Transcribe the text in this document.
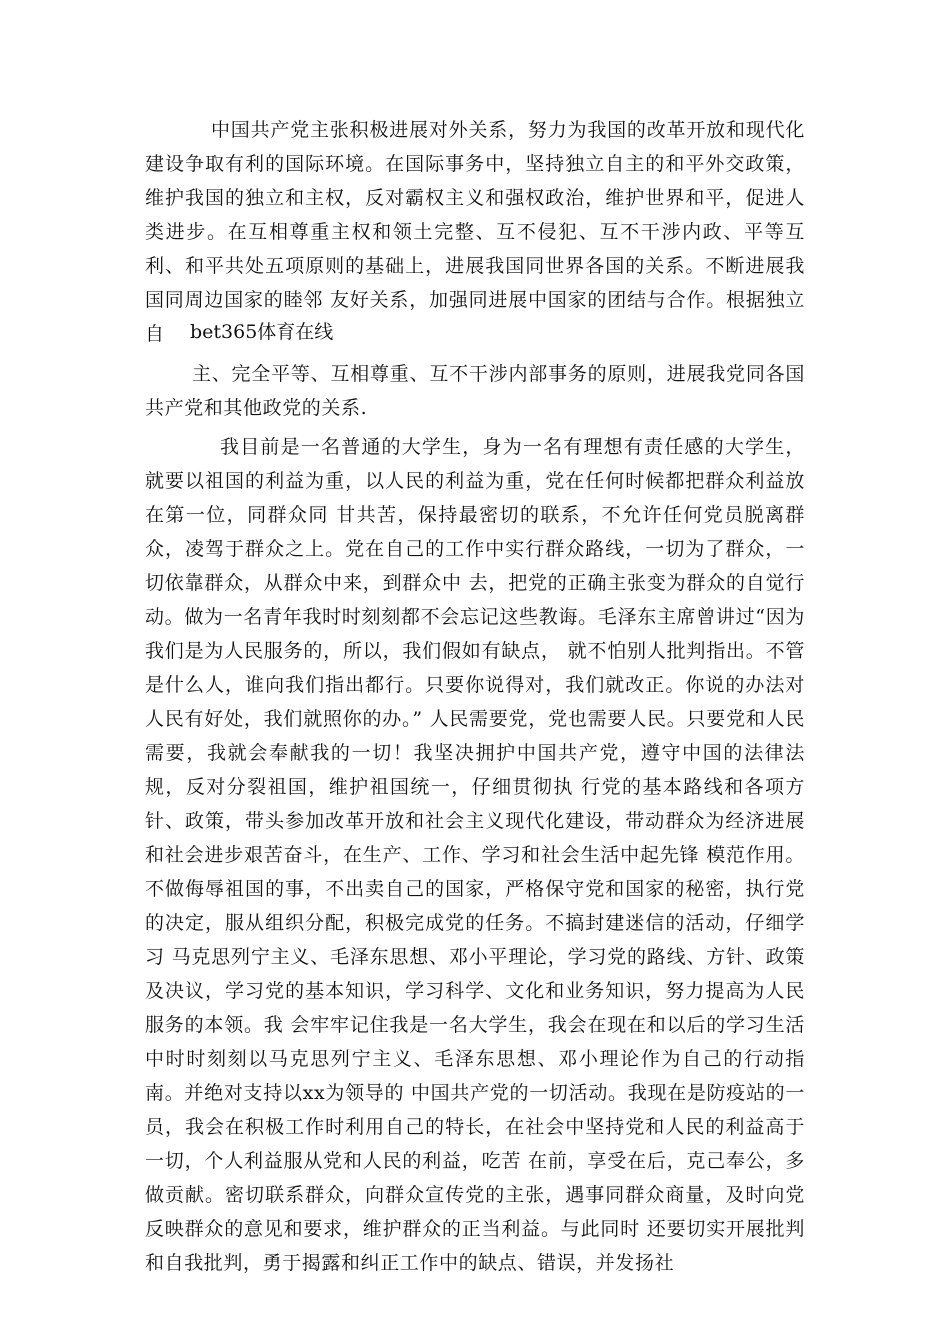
中国共产党主张积极进展对外关系，努力为我国的改革开放和现代化建设争取有利的国际环境。在国际事务中，坚持独立自主的和平外交政策，维护我国的独立和主权，反对霸权主义和强权政治，维护世界和平，促进人类进步。在互相尊重主权和领土完整、互不侵犯、互不干涉内政、平等互利、和平共处五项原则的基础上，进展我国同世界各国的关系。不断进展我国同周边国家的睦邻 友好关系，加强同进展中国家的团结与合作。根据独立自	bet365体育在线

主、完全平等、互相尊重、互不干涉内部事务的原则，进展我党同各国共产党和其他政党的关系.

我目前是一名普通的大学生，身为一名有理想有责任感的大学生，就要以祖国的利益为重，以人民的利益为重，党在任何时候都把群众利益放在第一位，同群众同 甘共苦，保持最密切的联系，不允许任何党员脱离群众，凌驾于群众之上。党在自己的工作中实行群众路线，一切为了群众，一切依靠群众，从群众中来，到群众中 去，把党的正确主张变为群众的自觉行动。做为一名青年我时时刻刻都不会忘记这些教诲。毛泽东主席曾讲过“因为我们是为人民服务的，所以，我们假如有缺点， 就不怕别人批判指出。不管是什么人，谁向我们指出都行。只要你说得对，我们就改正。你说的办法对人民有好处，我们就照你的办。” 人民需要党，党也需要人民。只要党和人民需要，我就会奉献我的一切！我坚决拥护中国共产党，遵守中国的法律法规，反对分裂祖国，维护祖国统一，仔细贯彻执 行党的基本路线和各项方针、政策，带头参加改革开放和社会主义现代化建设，带动群众为经济进展和社会进步艰苦奋斗，在生产、工作、学习和社会生活中起先锋 模范作用。不做侮辱祖国的事，不出卖自己的国家，严格保守党和国家的秘密，执行党的决定，服从组织分配，积极完成党的任务。不搞封建迷信的活动，仔细学习 马克思列宁主义、毛泽东思想、邓小平理论，学习党的路线、方针、政策及决议，学习党的基本知识，学习科学、文化和业务知识，努力提高为人民服务的本领。我 会牢牢记住我是一名大学生，我会在现在和以后的学习生活中时时刻刻以马克思列宁主义、毛泽东思想、邓小理论作为自己的行动指南。并绝对支持以xx为领导的 中国共产党的一切活动。我现在是防疫站的一员，我会在积极工作时利用自己的特长，在社会中坚持党和人民的利益高于一切，个人利益服从党和人民的利益，吃苦 在前，享受在后，克己奉公，多做贡献。密切联系群众，向群众宣传党的主张，遇事同群众商量，及时向党反映群众的意见和要求，维护群众的正当利益。与此同时 还要切实开展批判和自我批判，勇于揭露和纠正工作中的缺点、错误，并发扬社
